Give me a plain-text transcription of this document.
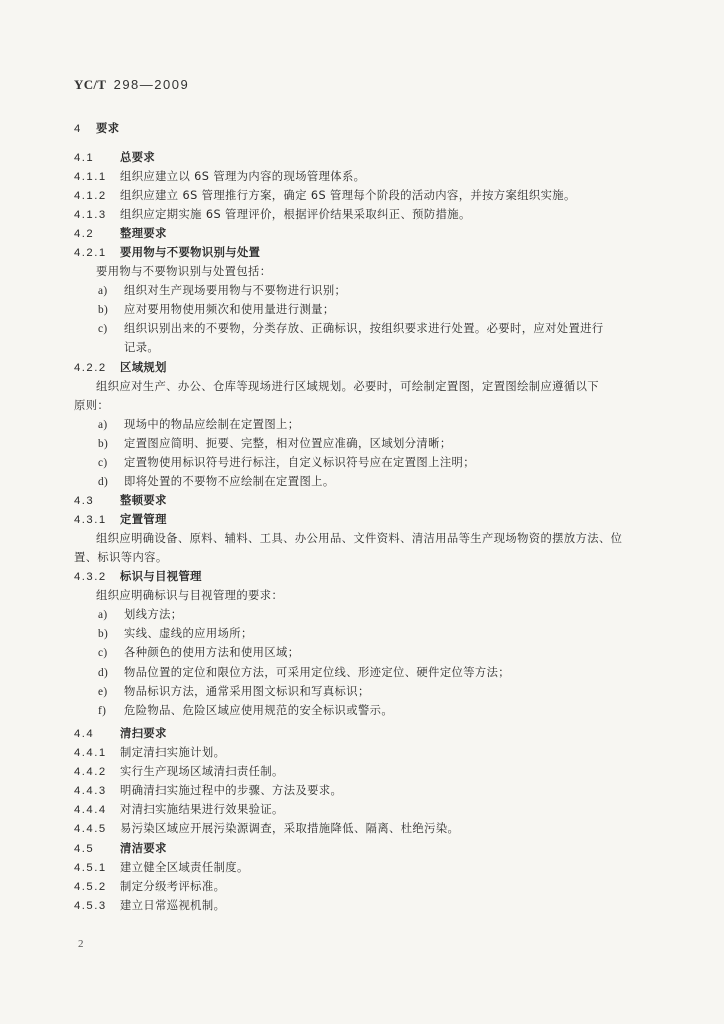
YC/T 298—2009
4 要求
4.1 总要求
4.1.1 组织应建立以 6S 管理为内容的现场管理体系。
4.1.2 组织应建立 6S 管理推行方案，确定 6S 管理每个阶段的活动内容，并按方案组织实施。
4.1.3 组织应定期实施 6S 管理评价，根据评价结果采取纠正、预防措施。
4.2 整理要求
4.2.1 要用物与不要物识别与处置
要用物与不要物识别与处置包括：
a) 组织对生产现场要用物与不要物进行识别；
b) 应对要用物使用频次和使用量进行测量；
c) 组织识别出来的不要物，分类存放、正确标识，按组织要求进行处置。必要时，应对处置进行
记录。
4.2.2 区域规划
组织应对生产、办公、仓库等现场进行区域规划。必要时，可绘制定置图，定置图绘制应遵循以下
原则：
a) 现场中的物品应绘制在定置图上；
b) 定置图应简明、扼要、完整，相对位置应准确，区域划分清晰；
c) 定置物使用标识符号进行标注，自定义标识符号应在定置图上注明；
d) 即将处置的不要物不应绘制在定置图上。
4.3 整顿要求
4.3.1 定置管理
组织应明确设备、原料、辅料、工具、办公用品、文件资料、清洁用品等生产现场物资的摆放方法、位
置、标识等内容。
4.3.2 标识与目视管理
组织应明确标识与目视管理的要求：
a) 划线方法；
b) 实线、虚线的应用场所；
c) 各种颜色的使用方法和使用区域；
d) 物品位置的定位和限位方法，可采用定位线、形迹定位、硬件定位等方法；
e) 物品标识方法，通常采用图文标识和写真标识；
f) 危险物品、危险区域应使用规范的安全标识或警示。
4.4 清扫要求
4.4.1 制定清扫实施计划。
4.4.2 实行生产现场区域清扫责任制。
4.4.3 明确清扫实施过程中的步骤、方法及要求。
4.4.4 对清扫实施结果进行效果验证。
4.4.5 易污染区域应开展污染源调查，采取措施降低、隔离、杜绝污染。
4.5 清洁要求
4.5.1 建立健全区域责任制度。
4.5.2 制定分级考评标准。
4.5.3 建立日常巡视机制。
2
